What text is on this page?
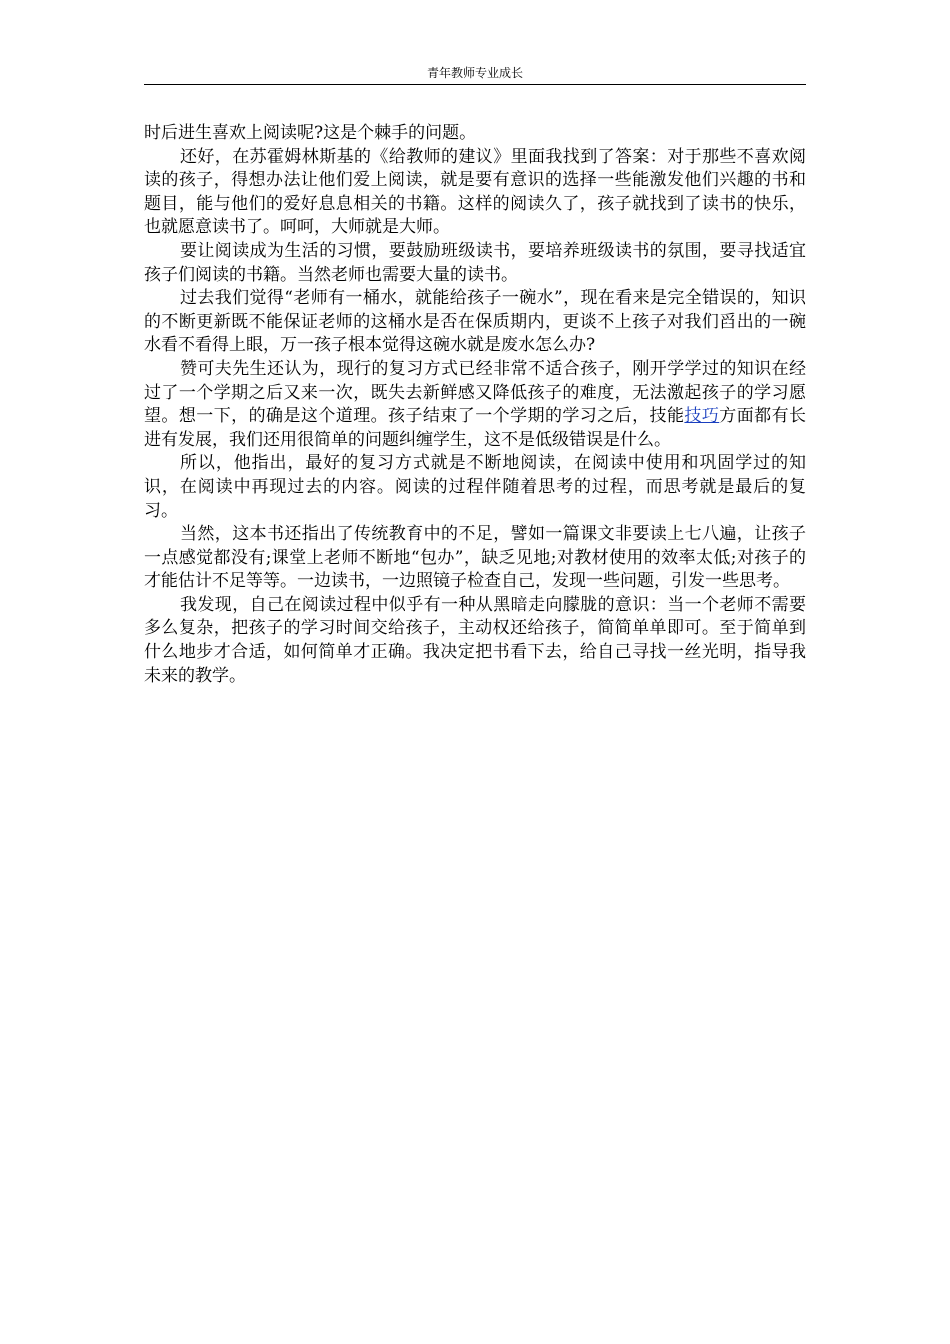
青年教师专业成长

时后进生喜欢上阅读呢?这是个棘手的问题。

还好，在苏霍姆林斯基的《给教师的建议》里面我找到了答案：对于那些不喜欢阅读的孩子，得想办法让他们爱上阅读，就是要有意识的选择一些能激发他们兴趣的书和题目，能与他们的爱好息息相关的书籍。这样的阅读久了，孩子就找到了读书的快乐，也就愿意读书了。呵呵，大师就是大师。

要让阅读成为生活的习惯，要鼓励班级读书，要培养班级读书的氛围，要寻找适宜孩子们阅读的书籍。当然老师也需要大量的读书。

过去我们觉得“老师有一桶水，就能给孩子一碗水”，现在看来是完全错误的，知识的不断更新既不能保证老师的这桶水是否在保质期内，更谈不上孩子对我们舀出的一碗水看不看得上眼，万一孩子根本觉得这碗水就是废水怎么办?

赞可夫先生还认为，现行的复习方式已经非常不适合孩子，刚开学学过的知识在经过了一个学期之后又来一次，既失去新鲜感又降低孩子的难度，无法激起孩子的学习愿望。想一下，的确是这个道理。孩子结束了一个学期的学习之后，技能技巧方面都有长进有发展，我们还用很简单的问题纠缠学生，这不是低级错误是什么。

所以，他指出，最好的复习方式就是不断地阅读，在阅读中使用和巩固学过的知识，在阅读中再现过去的内容。阅读的过程伴随着思考的过程，而思考就是最后的复习。

当然，这本书还指出了传统教育中的不足，譬如一篇课文非要读上七八遍，让孩子一点感觉都没有;课堂上老师不断地“包办”，缺乏见地;对教材使用的效率太低;对孩子的才能估计不足等等。一边读书，一边照镜子检查自己，发现一些问题，引发一些思考。

我发现，自己在阅读过程中似乎有一种从黑暗走向朦胧的意识：当一个老师不需要多么复杂，把孩子的学习时间交给孩子，主动权还给孩子，简简单单即可。至于简单到什么地步才合适，如何简单才正确。我决定把书看下去，给自己寻找一丝光明，指导我未来的教学。
